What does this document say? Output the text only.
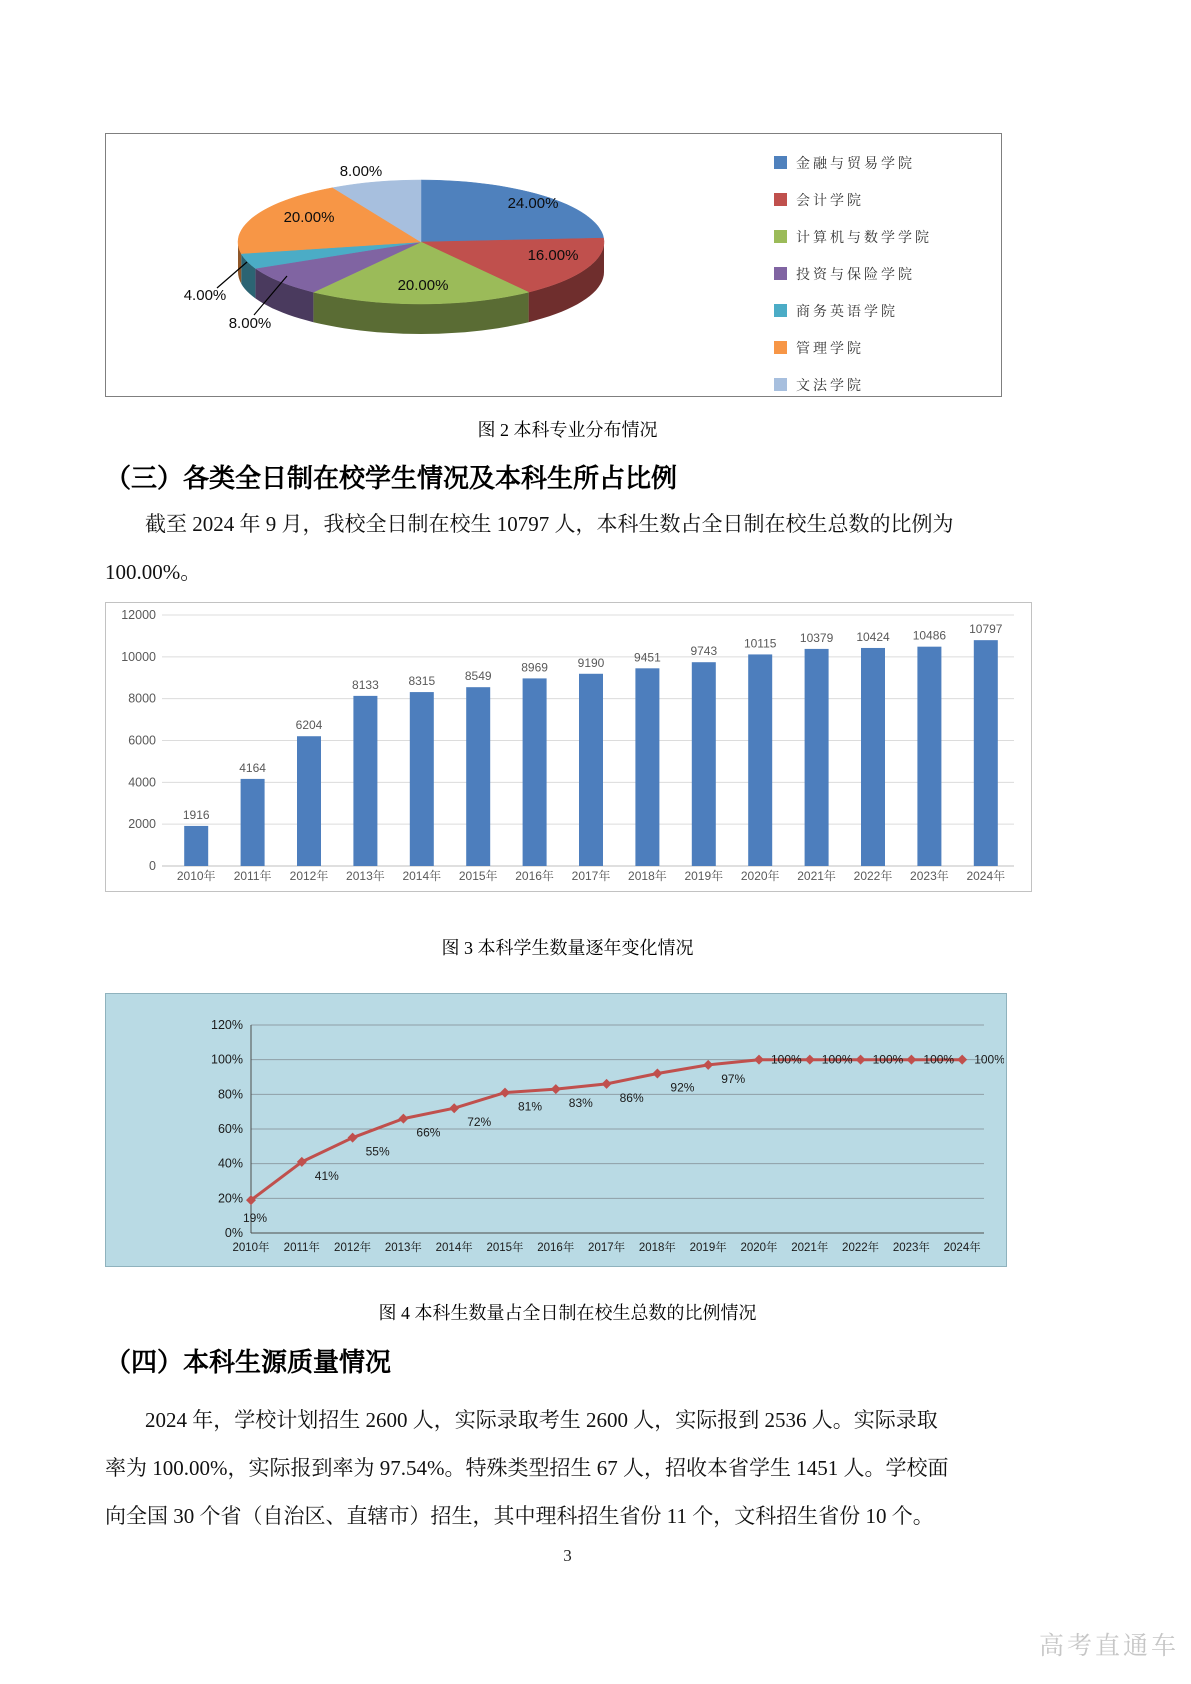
24.00%
16.00%
20.00%
8.00%
4.00%
20.00%
8.00%
金融与贸易学院
会计学院
计算机与数学学院
投资与保险学院
商务英语学院
管理学院
文法学院
图 2 本科专业分布情况
（三）各类全日制在校学生情况及本科生所占比例
截至 2024 年 9 月，我校全日制在校生 10797 人，本科生数占全日制在校生总数的比例为
100.00%。
0
2000
4000
6000
8000
10000
12000
1916
2010年
4164
2011年
6204
2012年
8133
2013年
8315
2014年
8549
2015年
8969
2016年
9190
2017年
9451
2018年
9743
2019年
10115
2020年
10379
2021年
10424
2022年
10486
2023年
10797
2024年
图 3 本科学生数量逐年变化情况
0%
20%
40%
60%
80%
100%
120%
19%
2010年
41%
2011年
55%
2012年
66%
2013年
72%
2014年
81%
2015年
83%
2016年
86%
2017年
92%
2018年
97%
2019年
100%
2020年
100%
2021年
100%
2022年
100%
2023年
100%
2024年
图 4 本科生数量占全日制在校生总数的比例情况
（四）本科生源质量情况
2024 年，学校计划招生 2600 人，实际录取考生 2600 人，实际报到 2536 人。实际录取
率为 100.00%，实际报到率为 97.54%。特殊类型招生 67 人，招收本省学生 1451 人。学校面
向全国 30 个省（自治区、直辖市）招生，其中理科招生省份 11 个，文科招生省份 10 个。
3
高考直通车
